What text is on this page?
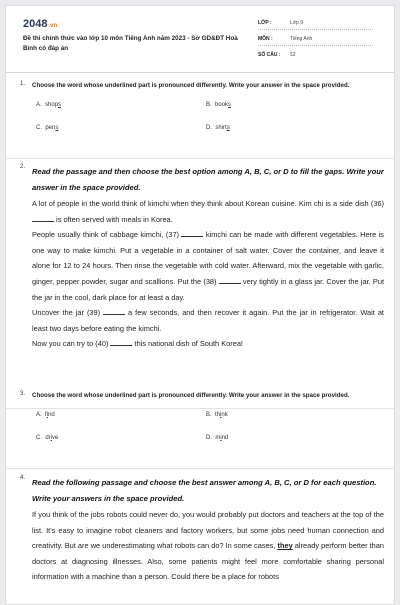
2048.vn
Đề thi chính thức vào lớp 10 môn Tiếng Anh năm 2023 - Sở GD&ĐT Hoà Bình có đáp án
LỚP :	Lớp 9
MÔN :	Tiếng Anh
SỐ CÂU : 52
1. Choose the word whose underlined part is pronounced differently. Write your answer in the space provided.
A. shops	B. books
C. pens	D. shirts
2. Read the passage and then choose the best option among A, B, C, or D to fill the gaps. Write your answer in the space provided.

A lot of people in the world think of kimchi when they think about Korean cuisine. Kim chi is a side dish (36)  is often served with meals in Korea.

People usually think of cabbage kimchi, (37)	kimchi can be made with different vegetables. Here is one way to make kimchi. Put a vegetable in a container of salt water. Cover the container, and leave it alone for 12 to 24 hours. Then rinse the vegetable with cold water. Afterward, mix the vegetable with garlic, ginger, pepper powder, sugar and scallions. Put the (38)	very tightly in a glass jar. Cover the jar. Put the jar in the cool, dark place for at least a day.

Uncover the jar (39)	a few seconds, and then recover it again. Put the jar in refrigerator. Wait at least two days before eating the kimchi.

Now you can try to (40)	this national dish of South Korea!

3. Choose the word whose underlined part is pronounced differently. Write your answer in the space provided.
A. find	B. think
C. drive	D. mind
4. Read the following passage and choose the best answer among A, B, C, or D for each question. Write your answers in the space provided.

If you think of the jobs robots could never do, you would probably put doctors and teachers at the top of the list. It’s easy to imagine robot cleaners and factory workers, but some jobs need human connection and creativity. But are we underestimating what robots can do? In some cases, they already perform better than doctors at diagnosing illnesses. Also, some patients might feel more comfortable sharing personal information with a machine than a person. Could there be a place for robots
